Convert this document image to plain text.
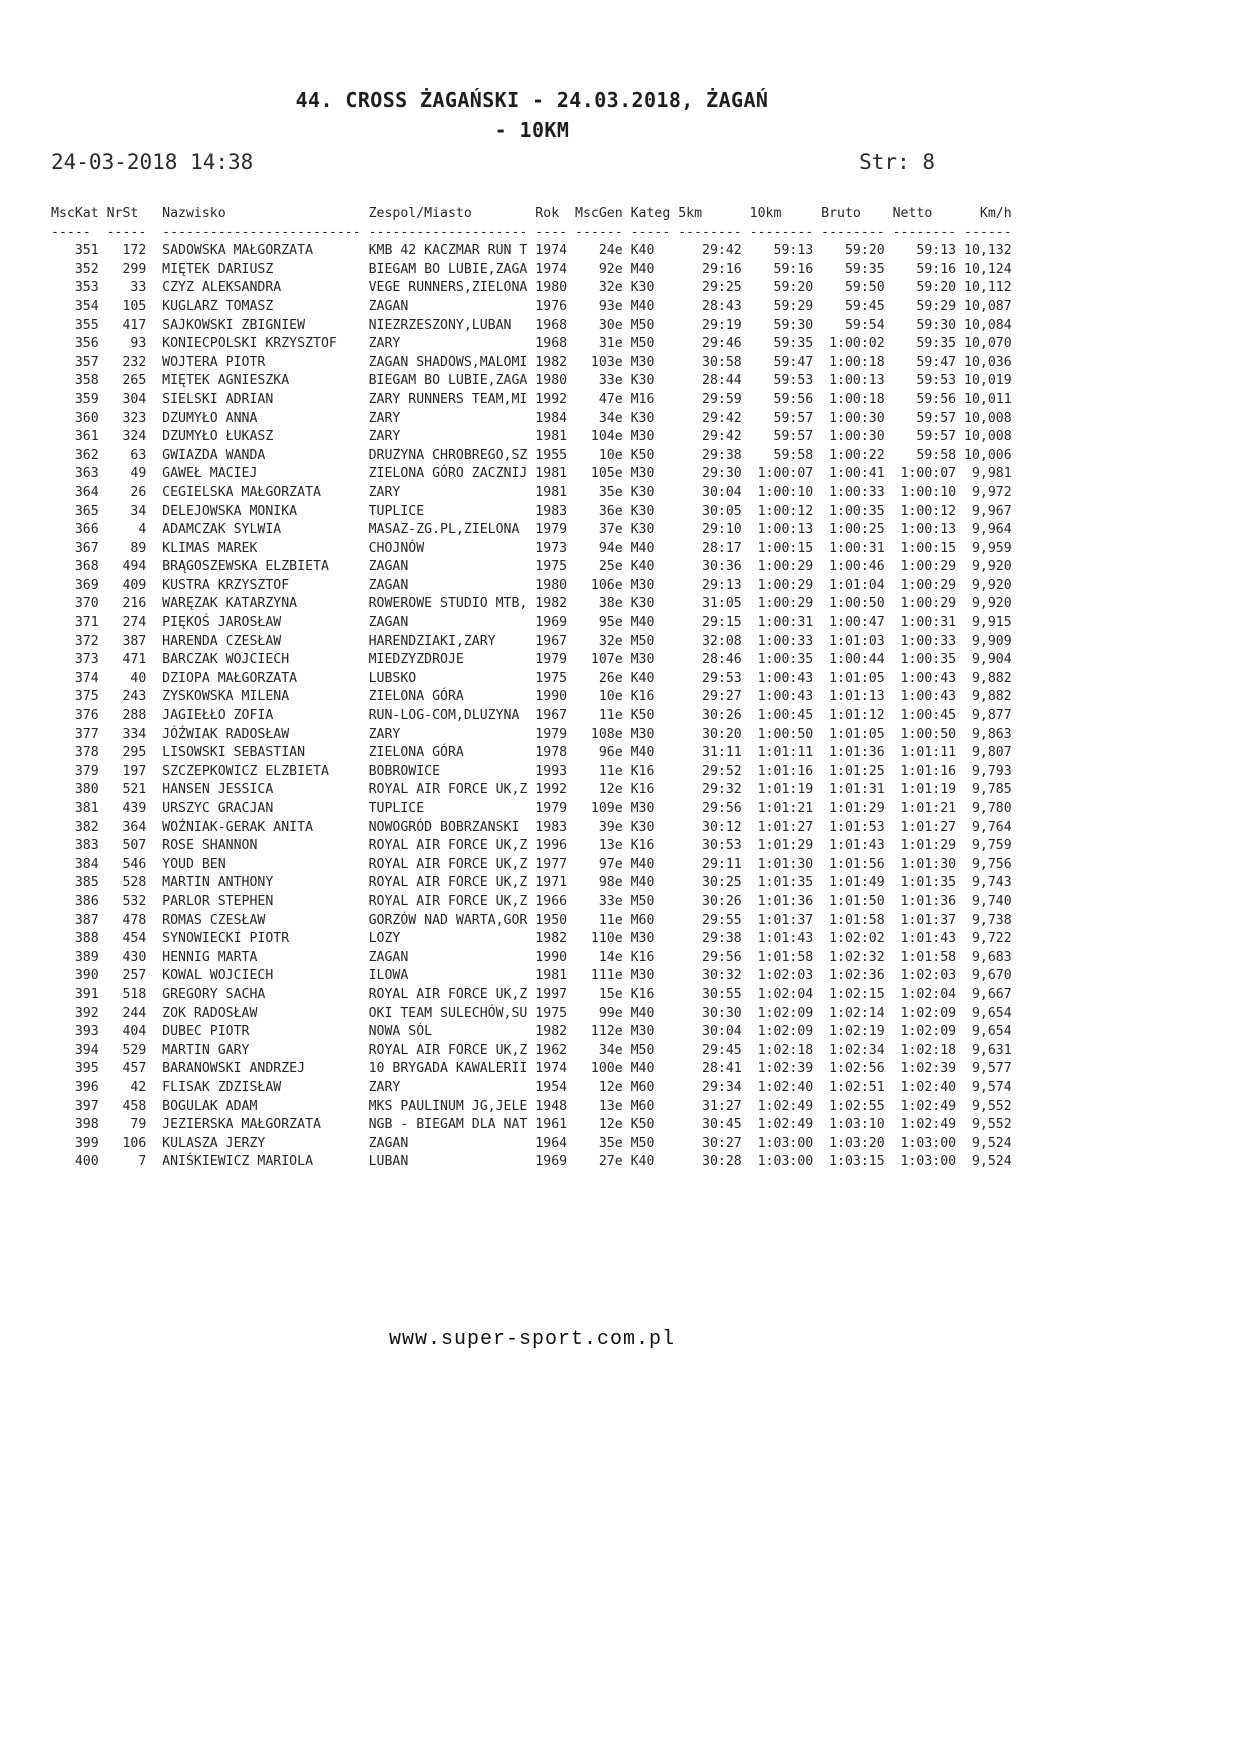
44. CROSS ŻAGAŃSKI - 24.03.2018, ŻAGAŃ
- 10KM
24-03-2018 14:38	Str: 8
MscKat NrSt   Nazwisko                  Zespol/Miasto        Rok  MscGen Kateg 5km      10km     Bruto    Netto      Km/h
-----  -----  ------------------------- -------------------- ---- ------ ----- -------- -------- -------- -------- ------
351   172  SADOWSKA MAŁGORZATA       KMB 42 KACZMAR RUN T 1974    24e K40      29:42    59:13    59:20    59:13 10,132
352   299  MIĘTEK DARIUSZ            BIEGAM BO LUBIE,ZAGA 1974    92e M40      29:16    59:16    59:35    59:16 10,124
353    33  CZYZ ALEKSANDRA           VEGE RUNNERS,ZIELONA 1980    32e K30      29:25    59:20    59:50    59:20 10,112
354   105  KUGLARZ TOMASZ            ZAGAN                1976    93e M40      28:43    59:29    59:45    59:29 10,087
355   417  SAJKOWSKI ZBIGNIEW        NIEZRZESZONY,LUBAN   1968    30e M50      29:19    59:30    59:54    59:30 10,084
356    93  KONIECPOLSKI KRZYSZTOF    ZARY                 1968    31e M50      29:46    59:35  1:00:02    59:35 10,070
357   232  WOJTERA PIOTR             ZAGAN SHADOWS,MALOMI 1982   103e M30      30:58    59:47  1:00:18    59:47 10,036
358   265  MIĘTEK AGNIESZKA          BIEGAM BO LUBIE,ZAGA 1980    33e K30      28:44    59:53  1:00:13    59:53 10,019
359   304  SIELSKI ADRIAN            ZARY RUNNERS TEAM,MI 1992    47e M16      29:59    59:56  1:00:18    59:56 10,011
360   323  DZUMYŁO ANNA              ZARY                 1984    34e K30      29:42    59:57  1:00:30    59:57 10,008
361   324  DZUMYŁO ŁUKASZ            ZARY                 1981   104e M30      29:42    59:57  1:00:30    59:57 10,008
362    63  GWIAZDA WANDA             DRUZYNA CHROBREGO,SZ 1955    10e K50      29:38    59:58  1:00:22    59:58 10,006
363    49  GAWEŁ MACIEJ              ZIELONA GÓRO ZACZNIJ 1981   105e M30      29:30  1:00:07  1:00:41  1:00:07  9,981
364    26  CEGIELSKA MAŁGORZATA      ZARY                 1981    35e K30      30:04  1:00:10  1:00:33  1:00:10  9,972
365    34  DELEJOWSKA MONIKA         TUPLICE              1983    36e K30      30:05  1:00:12  1:00:35  1:00:12  9,967
366     4  ADAMCZAK SYLWIA           MASAZ-ZG.PL,ZIELONA  1979    37e K30      29:10  1:00:13  1:00:25  1:00:13  9,964
367    89  KLIMAS MAREK              CHOJNÓW              1973    94e M40      28:17  1:00:15  1:00:31  1:00:15  9,959
368   494  BRĄGOSZEWSKA ELZBIETA     ZAGAN                1975    25e K40      30:36  1:00:29  1:00:46  1:00:29  9,920
369   409  KUSTRA KRZYSZTOF          ZAGAN                1980   106e M30      29:13  1:00:29  1:01:04  1:00:29  9,920
370   216  WARĘZAK KATARZYNA         ROWEROWE STUDIO MTB, 1982    38e K30      31:05  1:00:29  1:00:50  1:00:29  9,920
371   274  PIĘKOŚ JAROSŁAW           ZAGAN                1969    95e M40      29:15  1:00:31  1:00:47  1:00:31  9,915
372   387  HARENDA CZESŁAW           HARENDZIAKI,ZARY     1967    32e M50      32:08  1:00:33  1:01:03  1:00:33  9,909
373   471  BARCZAK WOJCIECH          MIEDZYZDROJE         1979   107e M30      28:46  1:00:35  1:00:44  1:00:35  9,904
374    40  DZIOPA MAŁGORZATA         LUBSKO               1975    26e K40      29:53  1:00:43  1:01:05  1:00:43  9,882
375   243  ZYSKOWSKA MILENA          ZIELONA GÓRA         1990    10e K16      29:27  1:00:43  1:01:13  1:00:43  9,882
376   288  JAGIEŁŁO ZOFIA            RUN-LOG-COM,DLUZYNA  1967    11e K50      30:26  1:00:45  1:01:12  1:00:45  9,877
377   334  JÓŹWIAK RADOSŁAW          ZARY                 1979   108e M30      30:20  1:00:50  1:01:05  1:00:50  9,863
378   295  LISOWSKI SEBASTIAN        ZIELONA GÓRA         1978    96e M40      31:11  1:01:11  1:01:36  1:01:11  9,807
379   197  SZCZEPKOWICZ ELZBIETA     BOBROWICE            1993    11e K16      29:52  1:01:16  1:01:25  1:01:16  9,793
380   521  HANSEN JESSICA            ROYAL AIR FORCE UK,Z 1992    12e K16      29:32  1:01:19  1:01:31  1:01:19  9,785
381   439  URSZYC GRACJAN            TUPLICE              1979   109e M30      29:56  1:01:21  1:01:29  1:01:21  9,780
382   364  WOŹNIAK-GERAK ANITA       NOWOGRÓD BOBRZANSKI  1983    39e K30      30:12  1:01:27  1:01:53  1:01:27  9,764
383   507  ROSE SHANNON              ROYAL AIR FORCE UK,Z 1996    13e K16      30:53  1:01:29  1:01:43  1:01:29  9,759
384   546  YOUD BEN                  ROYAL AIR FORCE UK,Z 1977    97e M40      29:11  1:01:30  1:01:56  1:01:30  9,756
385   528  MARTIN ANTHONY            ROYAL AIR FORCE UK,Z 1971    98e M40      30:25  1:01:35  1:01:49  1:01:35  9,743
386   532  PARLOR STEPHEN            ROYAL AIR FORCE UK,Z 1966    33e M50      30:26  1:01:36  1:01:50  1:01:36  9,740
387   478  ROMAS CZESŁAW             GORZÓW NAD WARTA,GOR 1950    11e M60      29:55  1:01:37  1:01:58  1:01:37  9,738
388   454  SYNOWIECKI PIOTR          LOZY                 1982   110e M30      29:38  1:01:43  1:02:02  1:01:43  9,722
389   430  HENNIG MARTA              ZAGAN                1990    14e K16      29:56  1:01:58  1:02:32  1:01:58  9,683
390   257  KOWAL WOJCIECH            ILOWA                1981   111e M30      30:32  1:02:03  1:02:36  1:02:03  9,670
391   518  GREGORY SACHA             ROYAL AIR FORCE UK,Z 1997    15e K16      30:55  1:02:04  1:02:15  1:02:04  9,667
392   244  ZOK RADOSŁAW              OKI TEAM SULECHÓW,SU 1975    99e M40      30:30  1:02:09  1:02:14  1:02:09  9,654
393   404  DUBEC PIOTR               NOWA SÓL             1982   112e M30      30:04  1:02:09  1:02:19  1:02:09  9,654
394   529  MARTIN GARY               ROYAL AIR FORCE UK,Z 1962    34e M50      29:45  1:02:18  1:02:34  1:02:18  9,631
395   457  BARANOWSKI ANDRZEJ        10 BRYGADA KAWALERII 1974   100e M40      28:41  1:02:39  1:02:56  1:02:39  9,577
396    42  FLISAK ZDZISŁAW           ZARY                 1954    12e M60      29:34  1:02:40  1:02:51  1:02:40  9,574
397   458  BOGULAK ADAM              MKS PAULINUM JG,JELE 1948    13e M60      31:27  1:02:49  1:02:55  1:02:49  9,552
398    79  JEZIERSKA MAŁGORZATA      NGB - BIEGAM DLA NAT 1961    12e K50      30:45  1:02:49  1:03:10  1:02:49  9,552
399   106  KULASZA JERZY             ZAGAN                1964    35e M50      30:27  1:03:00  1:03:20  1:03:00  9,524
400     7  ANIŚKIEWICZ MARIOLA       LUBAN                1969    27e K40      30:28  1:03:00  1:03:15  1:03:00  9,524
www.super-sport.com.pl
